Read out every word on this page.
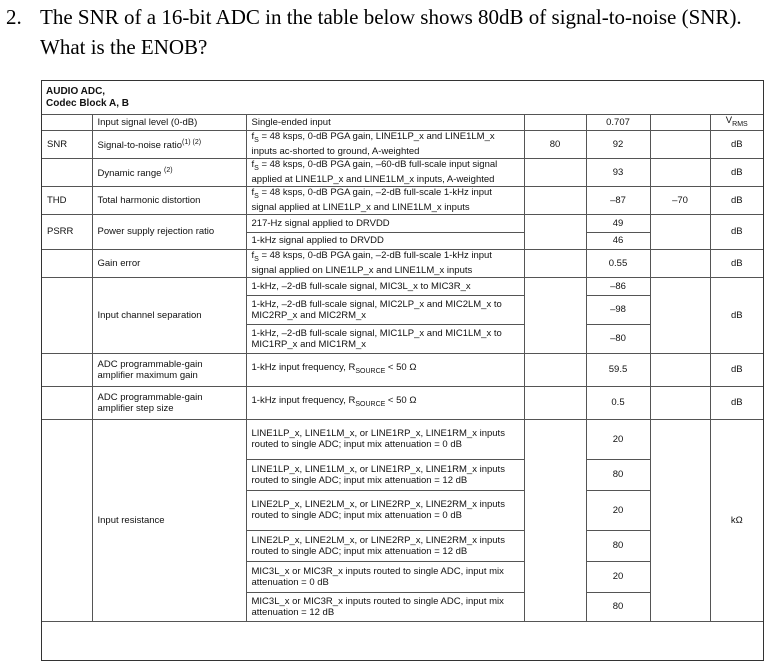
2. The SNR of a 16-bit ADC in the table below shows 80dB of signal-to-noise (SNR). What is the ENOB?
AUDIO ADC,
Codec Block A, B
	Input signal level (0-dB)	Single-ended input		0.707		$V_{RMS}$
SNR	Signal-to-noise ratio$^{(1) (2)}$	$f_S = 48$ ksps, 0-dB PGA gain, LINE1LP_x and LINE1LM_x inputs ac-shorted to ground, A-weighted	80	92		dB
	Dynamic range $^{(2)}$	$f_S = 48$ ksps, 0-dB PGA gain, –60-dB full-scale input signal applied at LINE1LP_x and LINE1LM_x inputs, A-weighted		93		dB
THD	Total harmonic distortion	$f_S = 48$ ksps, 0-dB PGA gain, –2-dB full-scale 1-kHz input signal applied at LINE1LP_x and LINE1LM_x inputs		–87	–70	dB
PSRR	Power supply rejection ratio	217-Hz signal applied to DRVDD		49		dB
		1-kHz signal applied to DRVDD		46		
	Gain error	$f_S = 48$ ksps, 0-dB PGA gain, –2-dB full-scale 1-kHz input signal applied on LINE1LP_x and LINE1LM_x inputs		0.55		dB
	Input channel separation	1-kHz, –2-dB full-scale signal, MIC3L_x to MIC3R_x		–86		dB
		1-kHz, –2-dB full-scale signal, MIC2LP_x and MIC2LM_x to MIC2RP_x and MIC2RM_x		–98		
		1-kHz, –2-dB full-scale signal, MIC1LP_x and MIC1LM_x to MIC1RP_x and MIC1RM_x		–80		
	ADC programmable-gain amplifier maximum gain	1-kHz input frequency, $R_{SOURCE} < 50$ Ω		59.5		dB
	ADC programmable-gain amplifier step size	1-kHz input frequency, $R_{SOURCE} < 50$ Ω		0.5		dB
	Input resistance	LINE1LP_x, LINE1LM_x, or LINE1RP_x, LINE1RM_x inputs routed to single ADC; input mix attenuation = 0 dB		20		kΩ
		LINE1LP_x, LINE1LM_x, or LINE1RP_x, LINE1RM_x inputs routed to single ADC; input mix attenuation = 12 dB		80		
		LINE2LP_x, LINE2LM_x, or LINE2RP_x, LINE2RM_x inputs routed to single ADC; input mix attenuation = 0 dB		20		
		LINE2LP_x, LINE2LM_x, or LINE2RP_x, LINE2RM_x inputs routed to single ADC; input mix attenuation = 12 dB		80		
		MIC3L_x or MIC3R_x inputs routed to single ADC, input mix attenuation = 0 dB		20		
		MIC3L_x or MIC3R_x inputs routed to single ADC, input mix attenuation = 12 dB		80		
